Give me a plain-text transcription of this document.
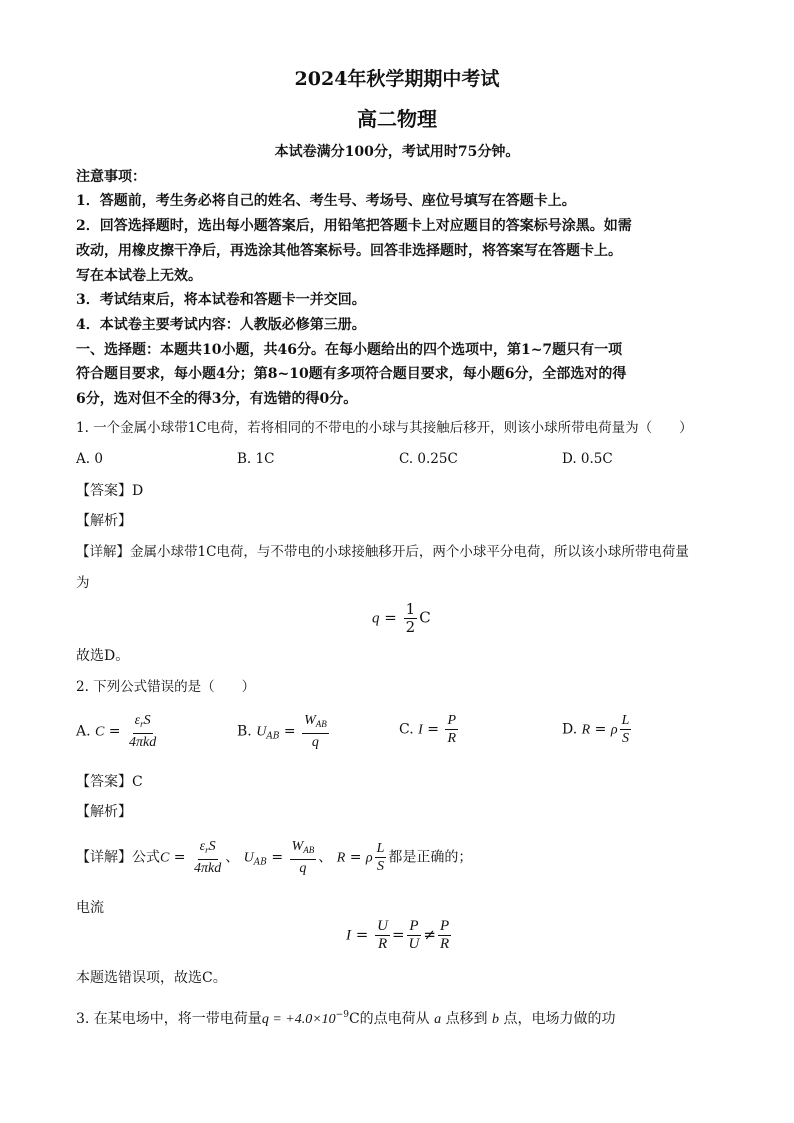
2024年秋学期期中考试
高二物理
本试卷满分100分，考试用时75分钟。
注意事项：
1．答题前，考生务必将自己的姓名、考生号、考场号、座位号填写在答题卡上。
2．回答选择题时，选出每小题答案后，用铅笔把答题卡上对应题目的答案标号涂黑。如需
改动，用橡皮擦干净后，再选涂其他答案标号。回答非选择题时，将答案写在答题卡上。
写在本试卷上无效。
3．考试结束后，将本试卷和答题卡一并交回。
4．本试卷主要考试内容：人教版必修第三册。
一、选择题：本题共10小题，共46分。在每小题给出的四个选项中，第1~7题只有一项
符合题目要求，每小题4分；第8~10题有多项符合题目要求，每小题6分，全部选对的得
6分，选对但不全的得3分，有选错的得0分。
1. 一个金属小球带1C电荷，若将相同的不带电的小球与其接触后移开，则该小球所带电荷量为（　　）
A. 0	B. 1C	C. 0.25C	D. 0.5C
【答案】D
【解析】
【详解】金属小球带1C电荷，与不带电的小球接触移开后，两个小球平分电荷，所以该小球所带电荷量
为
$q = \frac{1}{2}$ C
故选D。
2. 下列公式错误的是（　　）
A. $C = \frac{\varepsilon_rS}{\text{4πkd}}$	B. $U_{AB} = \frac{W_{AB}}{q}$	C. $I = \frac{P}{R}$	D. R = ρ $\frac{L}{S}$
【答案】C
【解析】
【详解】公式$C = \frac{\varepsilon_rS}{\text{4πkd}}$ 、 $U_{AB} = \frac{W_{AB}}{q}$ 、 R = ρ $\frac{L}{S}$ 都是正确的；
电流
$I = \frac{U}{R} = \frac{P}{U} \ne \frac{P}{R}$
本题选错误项，故选C。
3. 在某电场中，将一带电荷量$q = +4.0\times 10^{-9}C$的点电荷从 a 点移到 b 点，电场力做的功
